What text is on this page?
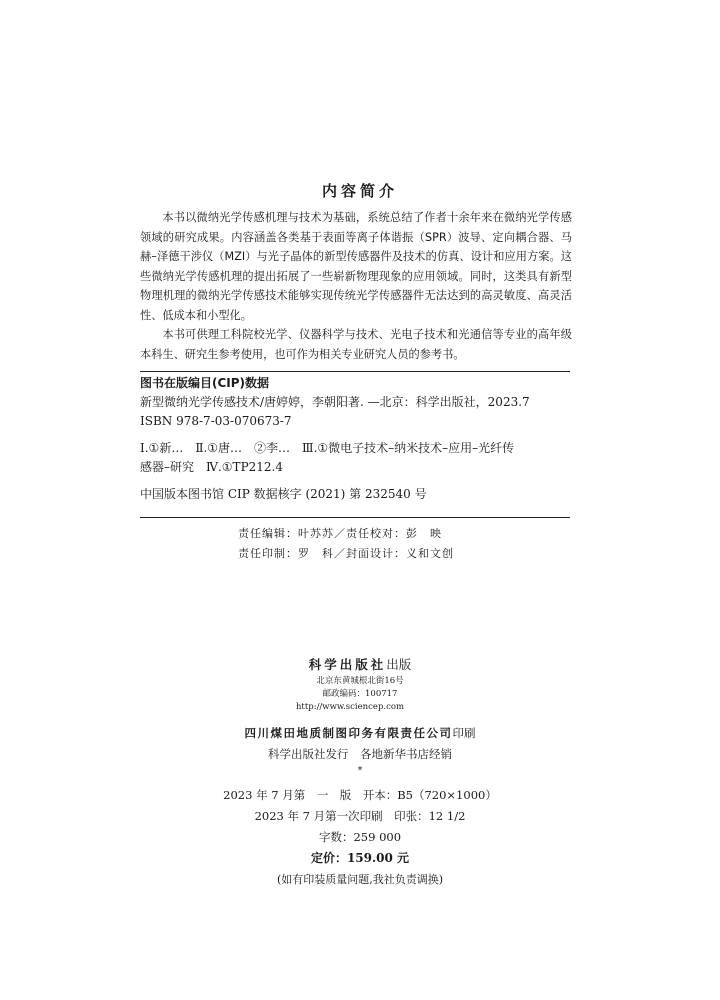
内容简介

本书以微纳光学传感机理与技术为基础，系统总结了作者十余年来在微纳光学传感领域的研究成果。内容涵盖各类基于表面等离子体谐振（SPR）波导、定向耦合器、马赫–泽德干涉仪（MZI）与光子晶体的新型传感器件及技术的仿真、设计和应用方案。这些微纳光学传感机理的提出拓展了一些崭新物理现象的应用领域。同时，这类具有新型物理机理的微纳光学传感技术能够实现传统光学传感器件无法达到的高灵敏度、高灵活性、低成本和小型化。

本书可供理工科院校光学、仪器科学与技术、光电子技术和光通信等专业的高年级本科生、研究生参考使用，也可作为相关专业研究人员的参考书。

图书在版编目(CIP)数据
新型微纳光学传感技术/唐婷婷，李朝阳著. —北京：科学出版社，2023.7
ISBN 978-7-03-070673-7
Ⅰ.①新…　Ⅱ.①唐…　②李…　Ⅲ.①微电子技术–纳米技术–应用–光纤传
感器–研究　Ⅳ.①TP212.4
中国版本图书馆 CIP 数据核字 (2021) 第 232540 号
责任编辑：叶苏苏／责任校对：彭　映
责任印制：罗　科／封面设计：义和文创
科学出版社出版
北京东黄城根北街16号
邮政编码：100717
http://www.sciencep.com
四川煤田地质制图印务有限责任公司印刷
科学出版社发行　各地新华书店经销
*
2023 年 7 月第　一　版　开本：B5（720×1000）
2023 年 7 月第一次印刷　印张：12 1/2
字数：259 000
定价：159.00 元
(如有印装质量问题,我社负责调换)
